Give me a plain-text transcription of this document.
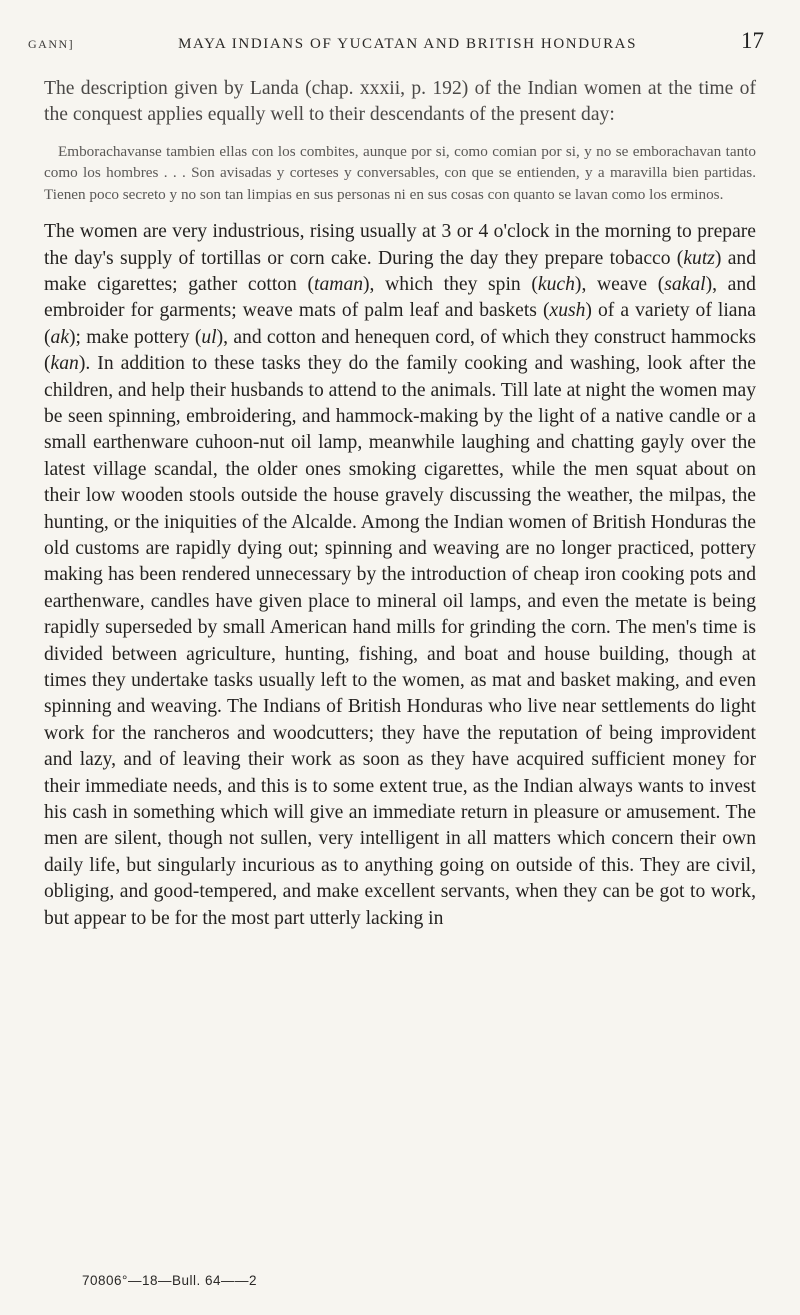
GANN]	MAYA INDIANS OF YUCATAN AND BRITISH HONDURAS	17

The description given by Landa (chap. xxxii, p. 192) of the Indian women at the time of the conquest applies equally well to their descendants of the present day:

Emborachavanse tambien ellas con los combites, aunque por si, como comian por si, y no se emborachavan tanto como los hombres . . . Son avisadas y corteses y conversables, con que se entienden, y a maravilla bien partidas. Tienen poco secreto y no son tan limpias en sus personas ni en sus cosas con quanto se lavan como los erminos.

The women are very industrious, rising usually at 3 or 4 o'clock in the morning to prepare the day's supply of tortillas or corn cake. During the day they prepare tobacco (kutz) and make cigarettes; gather cotton (taman), which they spin (kuch), weave (sakal), and embroider for garments; weave mats of palm leaf and baskets (xush) of a variety of liana (ak); make pottery (ul), and cotton and henequen cord, of which they construct hammocks (kan). In addition to these tasks they do the family cooking and washing, look after the children, and help their husbands to attend to the animals. Till late at night the women may be seen spinning, embroidering, and hammock-making by the light of a native candle or a small earthenware cuhoon-nut oil lamp, meanwhile laughing and chatting gayly over the latest village scandal, the older ones smoking cigarettes, while the men squat about on their low wooden stools outside the house gravely discussing the weather, the milpas, the hunting, or the iniquities of the Alcalde. Among the Indian women of British Honduras the old customs are rapidly dying out; spinning and weaving are no longer practiced, pottery making has been rendered unnecessary by the introduction of cheap iron cooking pots and earthenware, candles have given place to mineral oil lamps, and even the metate is being rapidly superseded by small American hand mills for grinding the corn. The men's time is divided between agriculture, hunting, fishing, and boat and house building, though at times they undertake tasks usually left to the women, as mat and basket making, and even spinning and weaving. The Indians of British Honduras who live near settlements do light work for the rancheros and woodcutters; they have the reputation of being improvident and lazy, and of leaving their work as soon as they have acquired sufficient money for their immediate needs, and this is to some extent true, as the Indian always wants to invest his cash in something which will give an immediate return in pleasure or amusement. The men are silent, though not sullen, very intelligent in all matters which concern their own daily life, but singularly incurious as to anything going on outside of this. They are civil, obliging, and good-tempered, and make excellent servants, when they can be got to work, but appear to be for the most part utterly lacking in

70806°—18—Bull. 64——2
